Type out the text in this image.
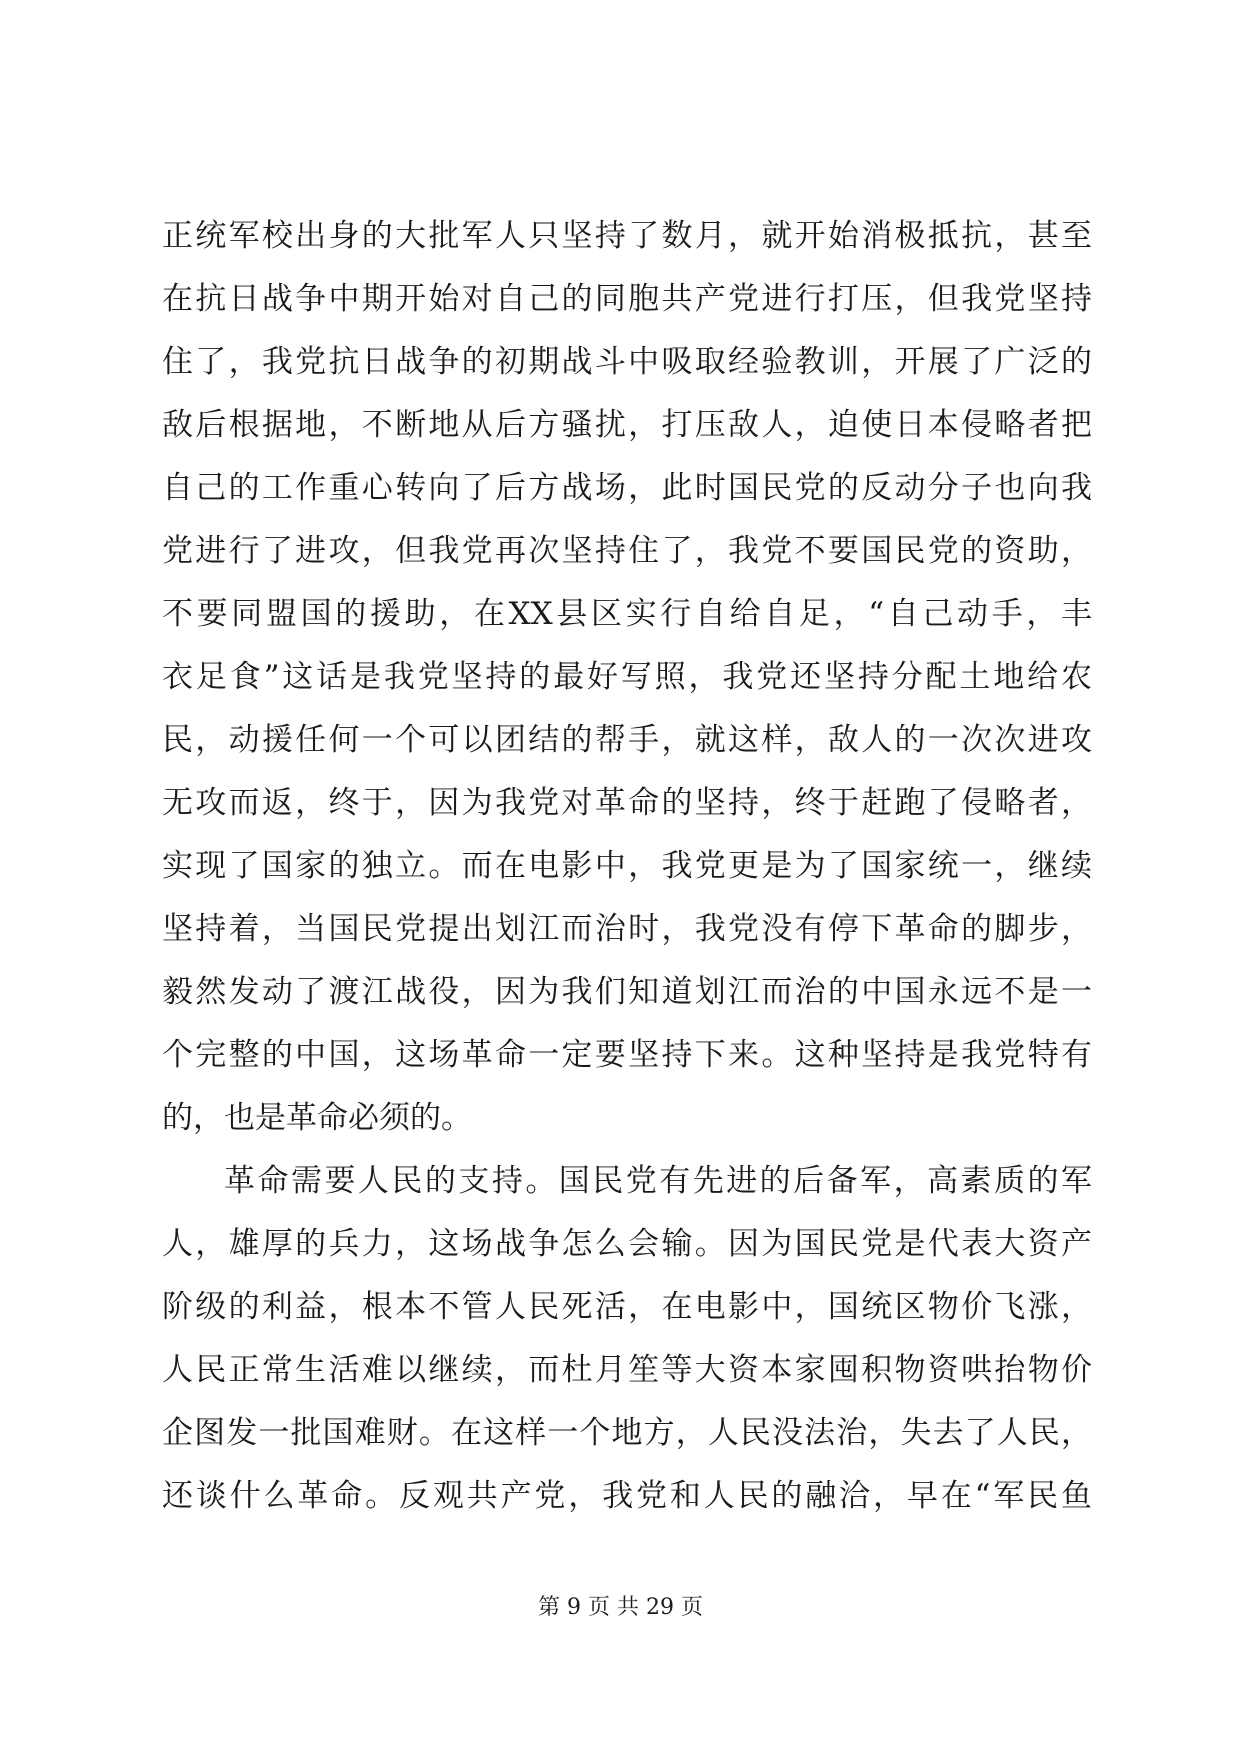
正统军校出身的大批军人只坚持了数月，就开始消极抵抗，甚至
在抗日战争中期开始对自己的同胞共产党进行打压，但我党坚持
住了，我党抗日战争的初期战斗中吸取经验教训，开展了广泛的
敌后根据地，不断地从后方骚扰，打压敌人，迫使日本侵略者把
自己的工作重心转向了后方战场，此时国民党的反动分子也向我
党进行了进攻，但我党再次坚持住了，我党不要国民党的资助，
不要同盟国的援助，在XX县区实行自给自足，“自己动手，丰
衣足食”这话是我党坚持的最好写照，我党还坚持分配土地给农
民，动援任何一个可以团结的帮手，就这样，敌人的一次次进攻
无攻而返，终于，因为我党对革命的坚持，终于赶跑了侵略者，
实现了国家的独立。而在电影中，我党更是为了国家统一，继续
坚持着，当国民党提出划江而治时，我党没有停下革命的脚步，
毅然发动了渡江战役，因为我们知道划江而治的中国永远不是一
个完整的中国，这场革命一定要坚持下来。这种坚持是我党特有
的，也是革命必须的。
革命需要人民的支持。国民党有先进的后备军，高素质的军
人，雄厚的兵力，这场战争怎么会输。因为国民党是代表大资产
阶级的利益，根本不管人民死活，在电影中，国统区物价飞涨，
人民正常生活难以继续，而杜月笙等大资本家囤积物资哄抬物价
企图发一批国难财。在这样一个地方，人民没法治，失去了人民，
还谈什么革命。反观共产党，我党和人民的融洽，早在“军民鱼
第 9 页 共 29 页
